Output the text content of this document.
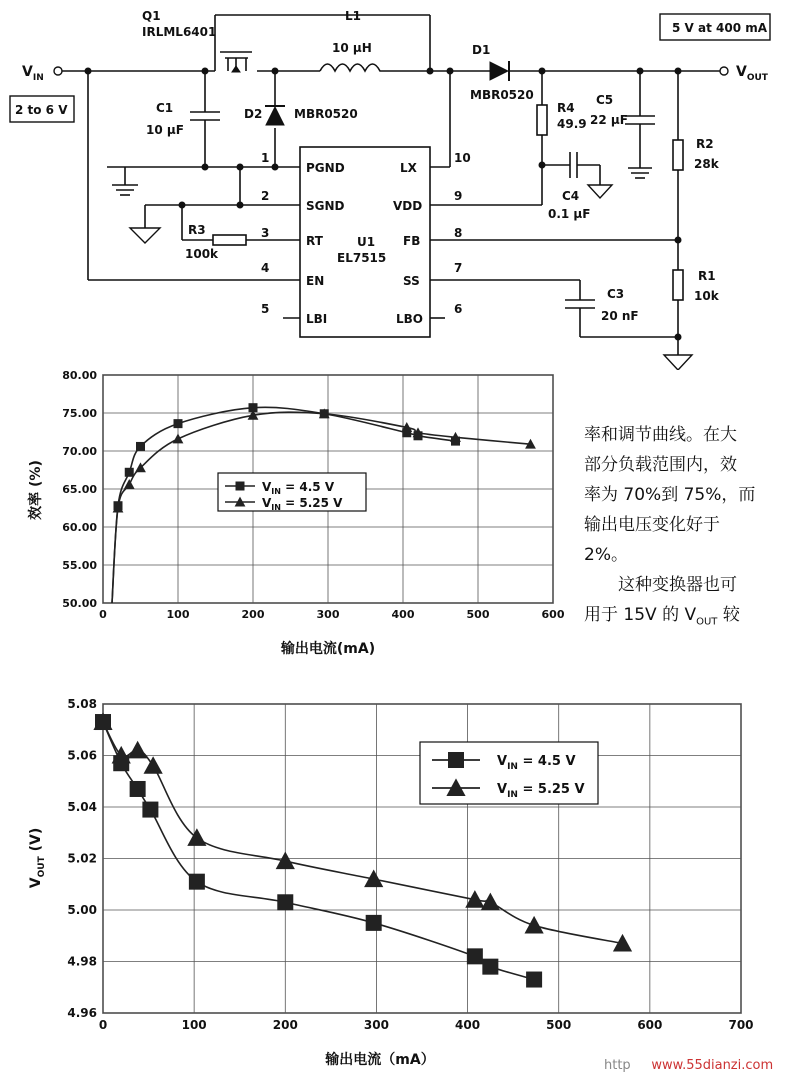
Q1
IRLML6401
L1
10 μH	D1
MBR0520
D2	MBR0520
C1
10 μF
R4
49.9
C5
22 μF
R2
28k
C4
0.1 μF
R3
100k
R1
10k
C3
20 nF
U1
EL7515
2 to 6 V
5 V at 400 mA
$V_{IN}$	$V_{OUT}$
1
PGND
2
SGND
3
RT
4
EN
5
LBI
10
LX
9
VDD
8
FB
7
SS
6
LBO
0	100	200	300	400	500	600
50.00
55.00
60.00
65.00
70.00
75.00
80.00
效率 (%)
输出电流(mA)
$V_{IN} = 4.5$ V
$V_{IN} = 5.25$ V

率和调节曲线。在大

部分负载范围内，效

率为 70%到 75%，而

输出电压变化好于

2%。

这种变换器也可

用于 15V 的 $V_{OUT}$ 较

0	100	200	300	400	500	600	700
4.96
4.98
5.00
5.02
5.04
5.06
5.08
$V_{OUT}$ (V)
输出电流（mA）
$V_{IN} = 4.5$ V
$V_{IN} = 5.25$ V
http www.55dianzi.com
